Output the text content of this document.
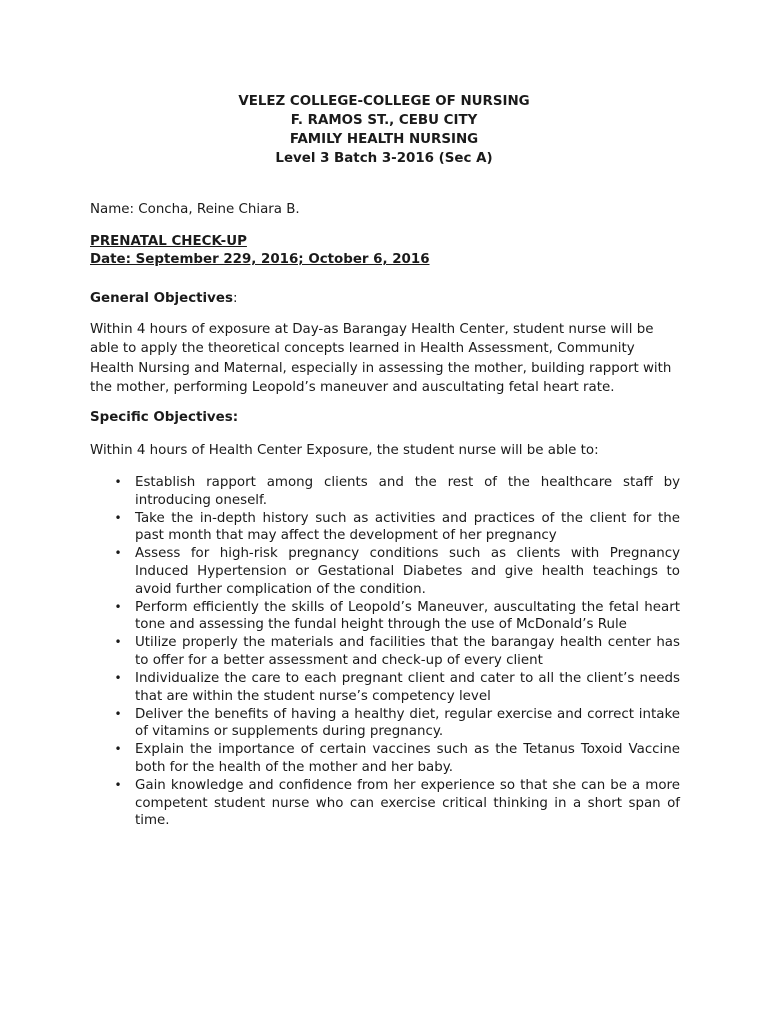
VELEZ COLLEGE-COLLEGE OF NURSING
F. RAMOS ST., CEBU CITY
FAMILY HEALTH NURSING
Level 3 Batch 3-2016 (Sec A)
Name: Concha, Reine Chiara B.
PRENATAL CHECK-UP
Date: September 229, 2016; October 6, 2016
General Objectives:
Within 4 hours of exposure at Day-as Barangay Health Center, student nurse will be able to apply the theoretical concepts learned in Health Assessment, Community Health Nursing and Maternal, especially in assessing the mother, building rapport with the mother, performing Leopold’s maneuver and auscultating fetal heart rate.
Specific Objectives:
Within 4 hours of Health Center Exposure, the student nurse will be able to:
• Establish rapport among clients and the rest of the healthcare staff by introducing oneself.
• Take the in-depth history such as activities and practices of the client for the past month that may affect the development of her pregnancy
• Assess for high-risk pregnancy conditions such as clients with Pregnancy Induced Hypertension or Gestational Diabetes and give health teachings to avoid further complication of the condition.
• Perform efficiently the skills of Leopold’s Maneuver, auscultating the fetal heart tone and assessing the fundal height through the use of McDonald’s Rule
• Utilize properly the materials and facilities that the barangay health center has to offer for a better assessment and check-up of every client
• Individualize the care to each pregnant client and cater to all the client’s needs that are within the student nurse’s competency level
• Deliver the benefits of having a healthy diet, regular exercise and correct intake of vitamins or supplements during pregnancy.
• Explain the importance of certain vaccines such as the Tetanus Toxoid Vaccine both for the health of the mother and her baby.
• Gain knowledge and confidence from her experience so that she can be a more competent student nurse who can exercise critical thinking in a short span of time.
